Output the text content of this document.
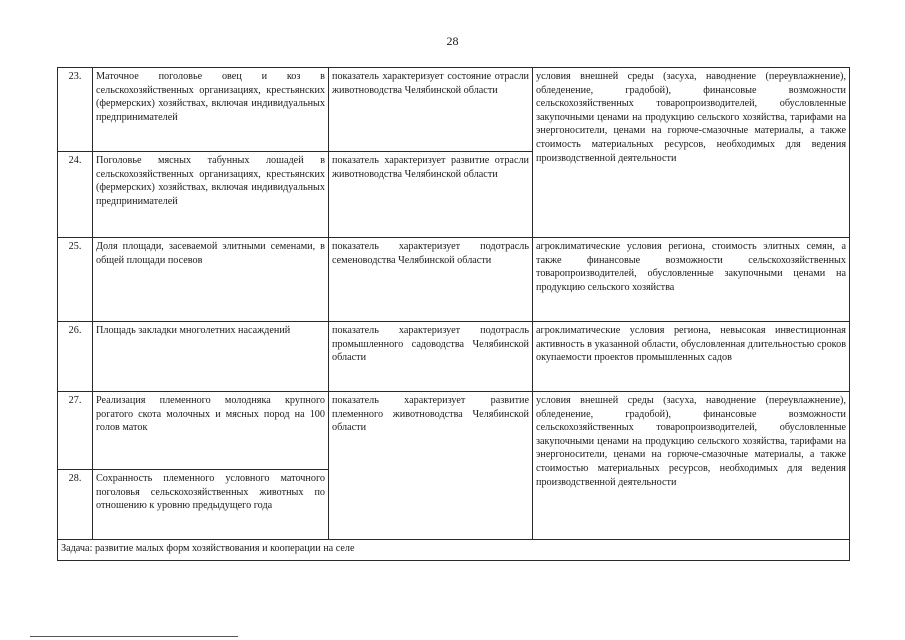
28
23.	Маточное поголовье овец и коз в сельскохозяйственных организациях, крестьянских (фермерских) хозяйствах, включая индивидуальных предпринимателей	показатель характеризует состояние отрасли животноводства Челябинской области	условия внешней среды (засуха, наводнение (переувлажнение), обледенение, градобой), финансовые возможности сельскохозяйственных товаропроизводителей, обусловленные закупочными ценами на продукцию сельского хозяйства, тарифами на энергоносители, ценами на горюче-смазочные материалы, а также стоимость материальных ресурсов, необходимых для ведения производственной деятельности
24.	Поголовье мясных табунных лошадей в сельскохозяйственных организациях, крестьянских (фермерских) хозяйствах, включая индивидуальных предпринимателей	показатель характеризует развитие отрасли животноводства Челябинской области	
25.	Доля площади, засеваемой элитными семенами, в общей площади посевов	показатель характеризует подотрасль семеноводства Челябинской области	агроклиматические условия региона, стоимость элитных семян, а также финансовые возможности сельскохозяйственных товаропроизводителей, обусловленные закупочными ценами на продукцию сельского хозяйства
26.	Площадь закладки многолетних насаждений	показатель характеризует подотрасль промышленного садоводства Челябинской области	агроклиматические условия региона, невысокая инвестиционная активность в указанной области, обусловленная длительностью сроков окупаемости проектов промышленных садов
27.	Реализация племенного молодняка крупного рогатого скота молочных и мясных пород на 100 голов маток	показатель характеризует развитие племенного животноводства Челябинской области	условия внешней среды (засуха, наводнение (переувлажнение), обледенение, градобой), финансовые возможности сельскохозяйственных товаропроизводителей, обусловленные закупочными ценами на продукцию сельского хозяйства, тарифами на энергоносители, ценами на горюче-смазочные материалы, а также стоимостью материальных ресурсов, необходимых для ведения производственной деятельности
28.	Сохранность племенного условного маточного поголовья сельскохозяйственных животных по отношению к уровню предыдущего года		
Задача: развитие малых форм хозяйствования и кооперации на селе			
